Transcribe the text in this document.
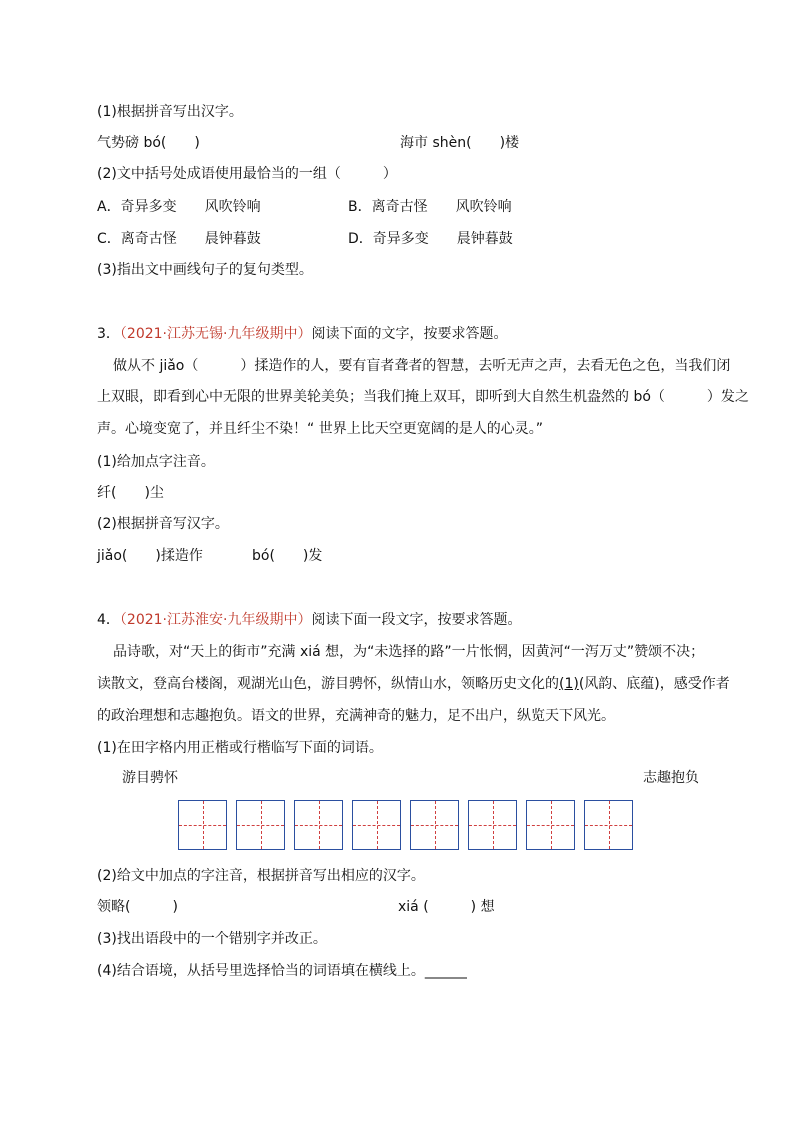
(1)根据拼音写出汉字。
气势磅 bó(　　)	海市 shèn(　　)楼
(2)文中括号处成语使用最恰当的一组（　　　）
A．奇异多变　　风吹铃响	B．离奇古怪　　风吹铃响
C．离奇古怪　　晨钟暮鼓	D．奇异多变　　晨钟暮鼓
(3)指出文中画线句子的复句类型。
3．（2021·江苏无锡·九年级期中）阅读下面的文字，按要求答题。
做从不 jiǎo（　　　）揉造作的人，要有盲者聋者的智慧，去听无声之声，去看无色之色，当我们闭
上双眼，即看到心中无限的世界美轮美奂；当我们掩上双耳，即听到大自然生机盎然的 bó（　　　）发之
声。心境变宽了，并且纤尘不染！“ 世界上比天空更宽阔的是人的心灵。”
(1)给加点字注音。
纤(　　)尘
(2)根据拼音写汉字。
jiǎo(　　)揉造作	bó(　　)发
4．（2021·江苏淮安·九年级期中）阅读下面一段文字，按要求答题。
品诗歌，对“天上的街市”充满 xiá 想，为“未选择的路”一片怅惘，因黄河“一泻万丈”赞颂不决；
读散文，登高台楼阁，观湖光山色，游目骋怀，纵情山水，领略历史文化的(1)(风韵、底蕴)，感受作者
的政治理想和志趣抱负。语文的世界，充满神奇的魅力，足不出户，纵览天下风光。
(1)在田字格内用正楷或行楷临写下面的词语。
游目骋怀	志趣抱负
(2)给文中加点的字注音，根据拼音写出相应的汉字。
领略(　　　)	xiá (　　　) 想
(3)找出语段中的一个错别字并改正。
(4)结合语境，从括号里选择恰当的词语填在横线上。______
